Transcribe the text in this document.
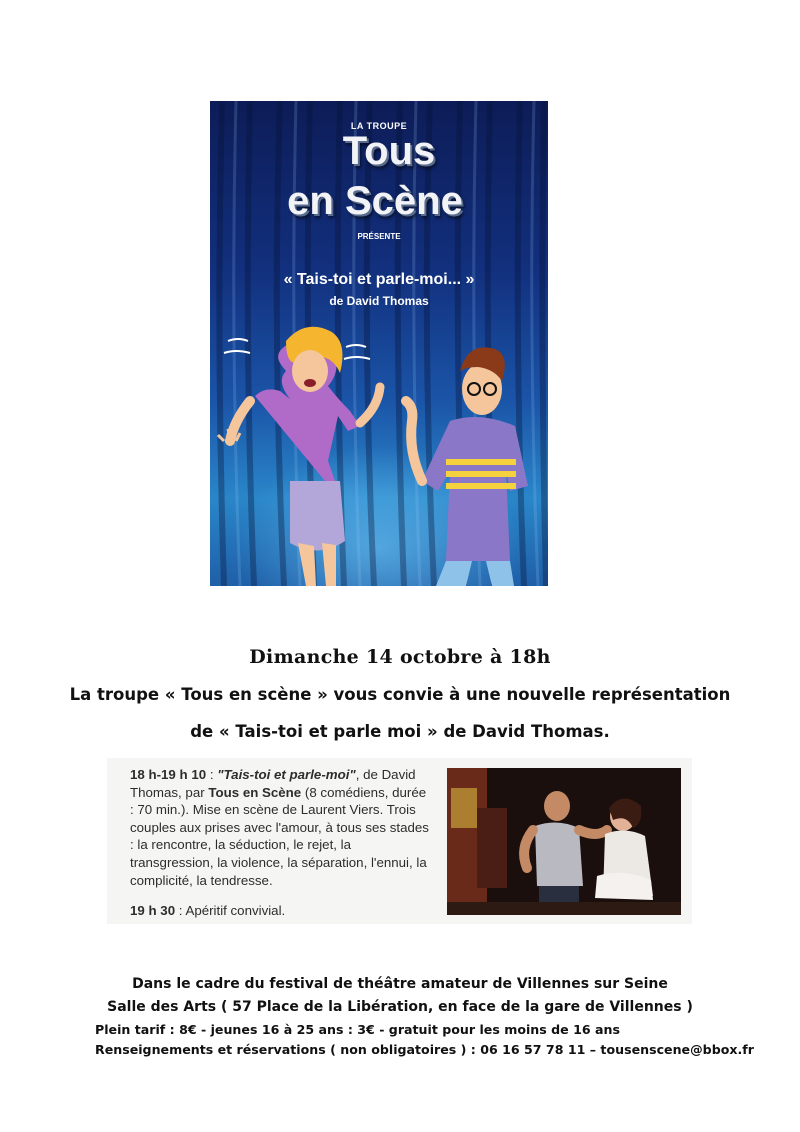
LA TROUPE
Tous
en Scène
PRÉSENTE
« Tais-toi et parle-moi... »
de David Thomas
Dimanche 14 octobre à 18h
La troupe « Tous en scène » vous convie à une nouvelle représentation
de « Tais-toi et parle moi » de David Thomas.
18 h-19 h 10 : "Tais-toi et parle-moi", de David Thomas, par Tous en Scène (8 comédiens, durée : 70 min.). Mise en scène de Laurent Viers. Trois couples aux prises avec l'amour, à tous ses stades : la rencontre, la séduction, le rejet, la transgression, la violence, la séparation, l'ennui, la complicité, la tendresse.
19 h 30 : Apéritif convivial.
Dans le cadre du festival de théâtre amateur de Villennes sur Seine
Salle des Arts ( 57 Place de la Libération, en face de la gare de Villennes )
Plein tarif : 8€ - jeunes 16 à 25 ans : 3€ - gratuit pour les moins de 16 ans
Renseignements et réservations ( non obligatoires ) : 06 16 57 78 11 – tousenscene@bbox.fr
